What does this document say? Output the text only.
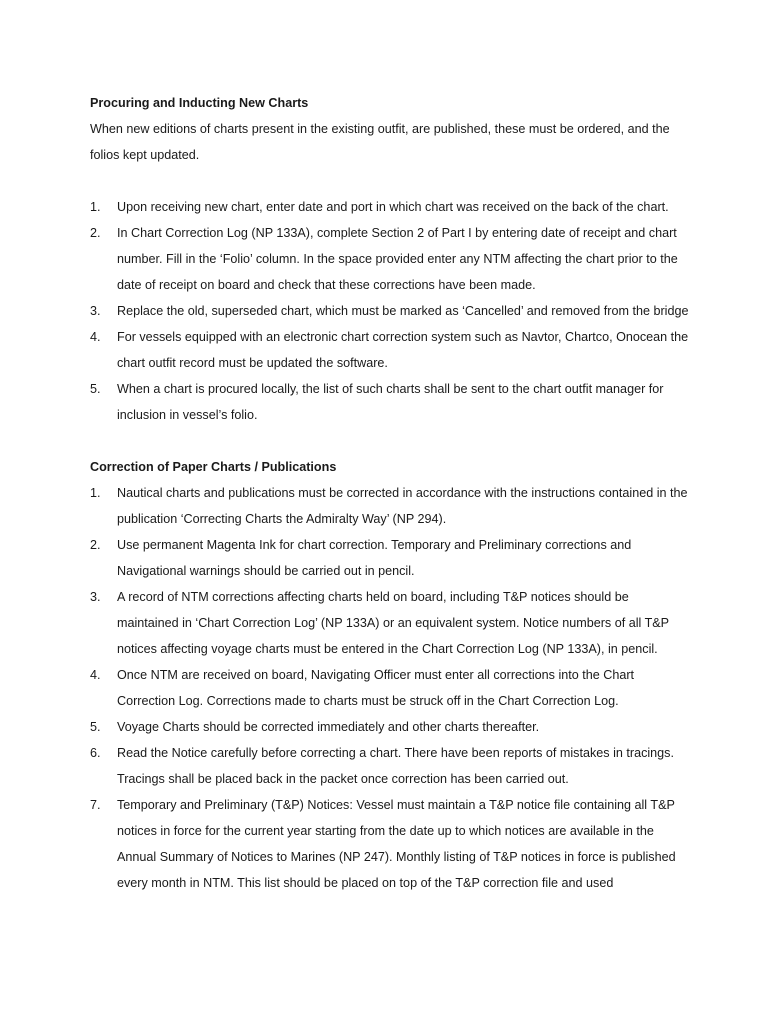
Procuring and Inducting New Charts

When new editions of charts present in the existing outfit, are published, these must be ordered, and the folios kept updated.

1.	Upon receiving new chart, enter date and port in which chart was received on the back of the chart.
2.	In Chart Correction Log (NP 133A), complete Section 2 of Part I by entering date of receipt and chart number. Fill in the ‘Folio’ column. In the space provided enter any NTM affecting the chart prior to the date of receipt on board and check that these corrections have been made.
3.	Replace the old, superseded chart, which must be marked as ‘Cancelled’ and removed from the bridge
4.	For vessels equipped with an electronic chart correction system such as Navtor, Chartco, Onocean the chart outfit record must be updated the software.
5.	When a chart is procured locally, the list of such charts shall be sent to the chart outfit manager for inclusion in vessel’s folio.
Correction of Paper Charts / Publications
1.	Nautical charts and publications must be corrected in accordance with the instructions contained in the publication ‘Correcting Charts the Admiralty Way’ (NP 294).
2.	Use permanent Magenta Ink for chart correction. Temporary and Preliminary corrections and Navigational warnings should be carried out in pencil.
3.	A record of NTM corrections affecting charts held on board, including T&P notices should be maintained in ‘Chart Correction Log’ (NP 133A) or an equivalent system. Notice numbers of all T&P notices affecting voyage charts must be entered in the Chart Correction Log (NP 133A), in pencil.
4.	Once NTM are received on board, Navigating Officer must enter all corrections into the Chart Correction Log. Corrections made to charts must be struck off in the Chart Correction Log.
5.	Voyage Charts should be corrected immediately and other charts thereafter.
6.	Read the Notice carefully before correcting a chart. There have been reports of mistakes in tracings. Tracings shall be placed back in the packet once correction has been carried out.
7.	Temporary and Preliminary (T&P) Notices: Vessel must maintain a T&P notice file containing all T&P notices in force for the current year starting from the date up to which notices are available in the Annual Summary of Notices to Marines (NP 247). Monthly listing of T&P notices in force is published every month in NTM. This list should be placed on top of the T&P correction file and used
